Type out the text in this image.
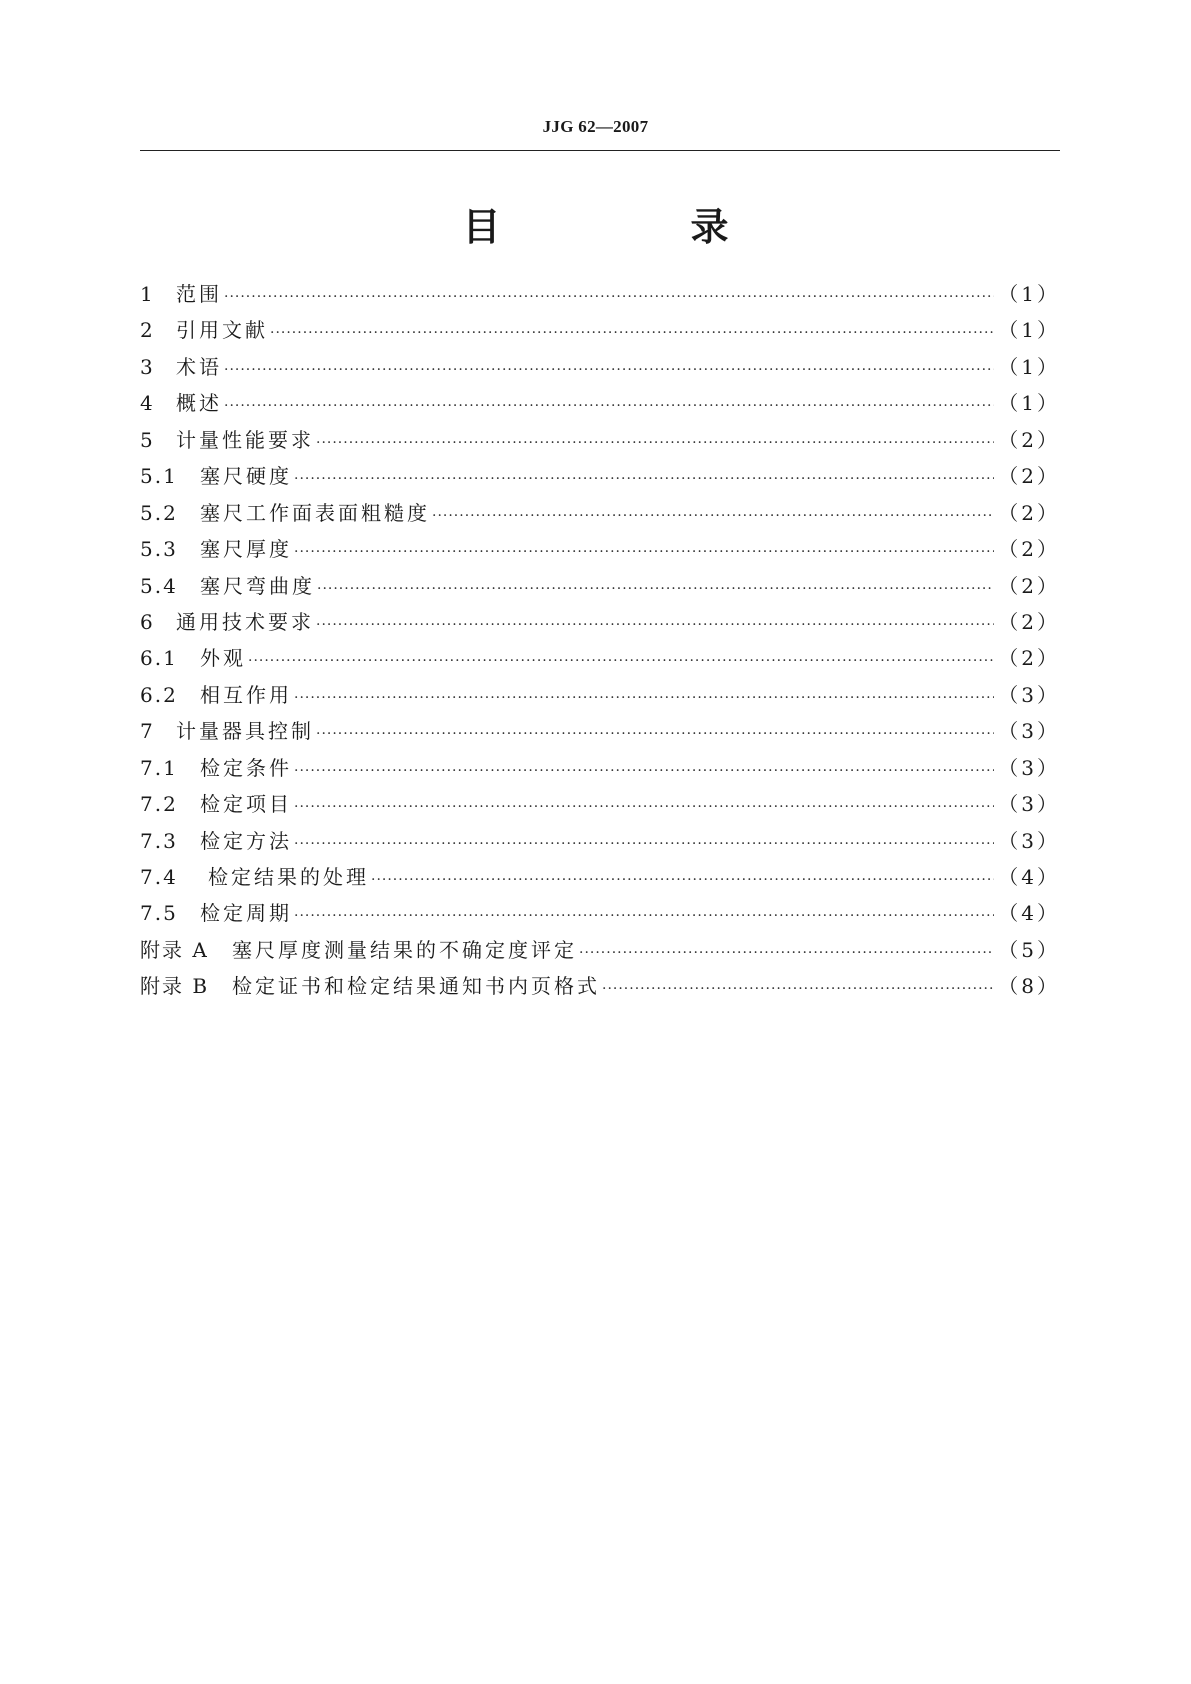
JJG 62—2007
目　录
1	范围 ·····	（1）
2	引用文献 ·····	（1）
3	术语 ·····	（1）
4	概述 ·····	（1）
5	计量性能要求 ·····	（2）
5.1	塞尺硬度 ·····	（2）
5.2	塞尺工作面表面粗糙度 ·····	（2）
5.3	塞尺厚度 ·····	（2）
5.4	塞尺弯曲度 ·····	（2）
6	通用技术要求 ·····	（2）
6.1	外观 ·····	（2）
6.2	相互作用 ·····	（3）
7	计量器具控制 ·····	（3）
7.1	检定条件 ·····	（3）
7.2	检定项目 ·····	（3）
7.3	检定方法 ·····	（3）
7.4	检定结果的处理 ·····	（4）
7.5	检定周期 ·····	（4）
附录 A	塞尺厚度测量结果的不确定度评定 ·····	（5）
附录 B	检定证书和检定结果通知书内页格式 ·····	（8）
